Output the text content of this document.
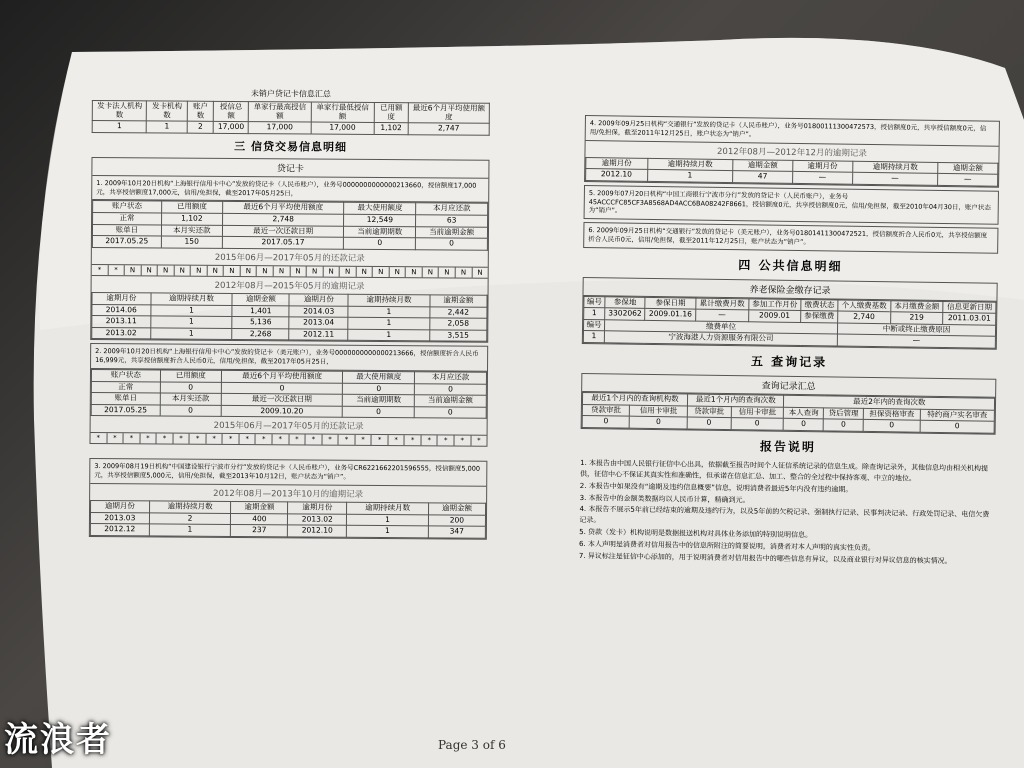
未销户贷记卡信息汇总
发卡法人机构数	发卡机构数	账户数	授信总额	单家行最高授信额	单家行最低授信额	已用额度	最近6个月平均使用额度
1	1	2	17,000	17,000	17,000	1,102	2,747
三 信贷交易信息明细
贷记卡
1. 2009年10月20日机构“上海银行信用卡中心”发放的贷记卡（人民币账户），业务号0000000000000213660，授信额度17,000元，共享授信额度17,000元，信用/免担保，截至2017年05月25日，
账户状态	已用额度	最近6个月平均使用额度	最大使用额度	本月应还款
正常	1,102	2,748	12,549	63
账单日	本月实还款	最近一次还款日期	当前逾期期数	当前逾期金额
2017.05.25	150	2017.05.17	0	0
2015年06月—2017年05月的还款记录
*	*	N	N	N	N	N	N	N	N	N	N	N	N	N	N	N	N	N	N	N	N	N	N
2012年08月—2015年05月的逾期记录
逾期月份	逾期持续月数	逾期金额	逾期月份	逾期持续月数	逾期金额
2014.06	1	1,401	2014.03	1	2,442
2013.11	1	5,136	2013.04	1	2,058
2013.02	1	2,268	2012.11	1	3,515
2. 2009年10月20日机构“上海银行信用卡中心”发放的贷记卡（美元账户），业务号0000000000000213666，授信额度折合人民币16,999元，共享授信额度折合人民币0元，信用/免担保，截至2017年05月25日，
账户状态	已用额度	最近6个月平均使用额度	最大使用额度	本月应还款
正常	0	0	0	0
账单日	本月实还款	最近一次还款日期	当前逾期期数	当前逾期金额
2017.05.25	0	2009.10.20	0	0
2015年06月—2017年05月的还款记录
*	*	*	*	*	*	*	*	*	*	*	*	*	*	*	*	*	*	*	*	*	*	*	*
3. 2009年08月19日机构“中国建设银行宁波市分行”发放的贷记卡（人民币账户），业务号CR6221662201596555，授信额度5,000元，共享授信额度5,000元，信用/免担保，截至2013年10月12日，账户状态为“销户”。
2012年08月—2013年10月的逾期记录
逾期月份	逾期持续月数	逾期金额	逾期月份	逾期持续月数	逾期金额
2013.03	2	400	2013.02	1	200
2012.12	1	237	2012.10	1	347
4. 2009年09月25日机构“交通银行”发放的贷记卡（人民币账户），业务号01800111300472573，授信额度0元，共享授信额度0元，信用/免担保，截至2011年12月25日，账户状态为“销户”。
2012年08月—2012年12月的逾期记录
逾期月份	逾期持续月数	逾期金额	逾期月份	逾期持续月数	逾期金额
2012.10	1	47	—	—	—
5. 2009年07月20日机构“中国工商银行宁波市分行”发放的贷记卡（人民币账户），业务号 45ACCCFC85CF3A8568AD4ACC6BA08242F8661，授信额度0元，共享授信额度0元，信用/免担保，截至2010年04月30日，账户状态为“销户”。
6. 2009年09月25日机构“交通银行”发放的贷记卡（美元账户），业务号01801411300472521，授信额度折合人民币0元，共享授信额度折合人民币0元，信用/免担保，截至2011年12月25日，账户状态为“销户”。
四 公共信息明细
养老保险金缴存记录
编号	参保地	参保日期	累计缴费月数	参加工作月份	缴费状态	个人缴费基数	本月缴费金额	信息更新日期
1	3302062	2009.01.16	—	2009.01	参保缴费	2,740	219	2011.03.01
编号	缴费单位					中断或终止缴费原因		
1	宁波海港人力资源服务有限公司					—		
五 查询记录
查询记录汇总
最近1个月内的查询机构数		最近1个月内的查询次数		最近2年内的查询次数			
贷款审批	信用卡审批	贷款审批	信用卡审批	本人查询	贷后管理	担保资格审查	特约商户实名审查
0	0	0	0	0	0	0	0
报告说明

1. 本报告由中国人民银行征信中心出具，依据截至报告时间个人征信系统记录的信息生成。除查询记录外，其他信息均由相关机构提供，征信中心不保证其真实性和准确性，但承诺在信息汇总、加工、整合的全过程中保持客观、中立的地位。

2. 本报告中如果没有“逾期及违约信息概要”信息，说明消费者最近5年内没有违约逾期。

3. 本报告中的金额类数据均以人民币计算，精确到元。

4. 本报告不展示5年前已经结束的逾期及违约行为，以及5年前的欠税记录、强制执行记录、民事判决记录、行政处罚记录、电信欠费记录。

5. 贷款（发卡）机构说明是数据报送机构对具体业务添加的特别说明信息。

6. 本人声明是消费者对信用报告中的信息所附注的简要说明，消费者对本人声明的真实性负责。

7. 异议标注是征信中心添加的，用于说明消费者对信用报告中的哪些信息有异议，以及商业银行对异议信息的核实情况。

Page 3 of 6
流浪者
